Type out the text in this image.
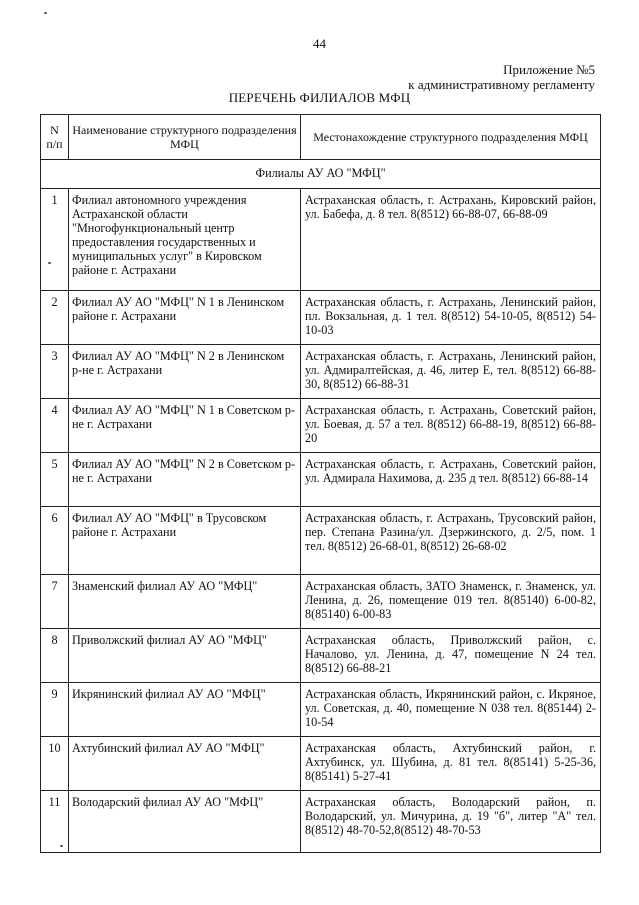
44
Приложение №5
к административному регламенту
ПЕРЕЧЕНЬ ФИЛИАЛОВ МФЦ
N п/п	Наименование структурного подразделения МФЦ	Местонахождение структурного подразделения МФЦ
Филиалы АУ АО "МФЦ"		
1	Филиал автономного учреждения Астраханской области "Многофункциональный центр предоставления государственных и муниципальных услуг" в Кировском районе г. Астрахани	Астраханская область, г. Астрахань, Кировский район, ул. Бабефа, д. 8 тел. 8(8512) 66-88-07, 66-88-09
2	Филиал АУ АО "МФЦ" N 1 в Ленинском районе г. Астрахани	Астраханская область, г. Астрахань, Ленинский район, пл. Вокзальная, д. 1 тел. 8(8512) 54-10-05, 8(8512) 54-10-03
3	Филиал АУ АО "МФЦ" N 2 в Ленинском р-не г. Астрахани	Астраханская область, г. Астрахань, Ленинский район, ул. Адмиралтейская, д. 46, литер Е, тел. 8(8512) 66-88-30, 8(8512) 66-88-31
4	Филиал АУ АО "МФЦ" N 1 в Советском р-не г. Астрахани	Астраханская область, г. Астрахань, Советский район, ул. Боевая, д. 57 а тел. 8(8512) 66-88-19, 8(8512) 66-88-20
5	Филиал АУ АО "МФЦ" N 2 в Советском р-не г. Астрахани	Астраханская область, г. Астрахань, Советский район, ул. Адмирала Нахимова, д. 235 д тел. 8(8512) 66-88-14
6	Филиал АУ АО "МФЦ" в Трусовском районе г. Астрахани	Астраханская область, г. Астрахань, Трусовский район, пер. Степана Разина/ул. Дзержинского, д. 2/5, пом. 1 тел. 8(8512) 26-68-01, 8(8512) 26-68-02
7	Знаменский филиал АУ АО "МФЦ"	Астраханская область, ЗАТО Знаменск, г. Знаменск, ул. Ленина, д. 26, помещение 019 тел. 8(85140) 6-00-82, 8(85140) 6-00-83
8	Приволжский филиал АУ АО "МФЦ"	Астраханская область, Приволжский район, с. Началово, ул. Ленина, д. 47, помещение N 24 тел. 8(8512) 66-88-21
9	Икрянинский филиал АУ АО "МФЦ"	Астраханская область, Икрянинский район, с. Икряное, ул. Советская, д. 40, помещение N 038 тел. 8(85144) 2-10-54
10	Ахтубинский филиал АУ АО "МФЦ"	Астраханская область, Ахтубинский район, г. Ахтубинск, ул. Шубина, д. 81 тел. 8(85141) 5-25-36, 8(85141) 5-27-41
11	Володарский филиал АУ АО "МФЦ"	Астраханская область, Володарский район, п. Володарский, ул. Мичурина, д. 19 "б", литер "А" тел. 8(8512) 48-70-52,8(8512) 48-70-53
